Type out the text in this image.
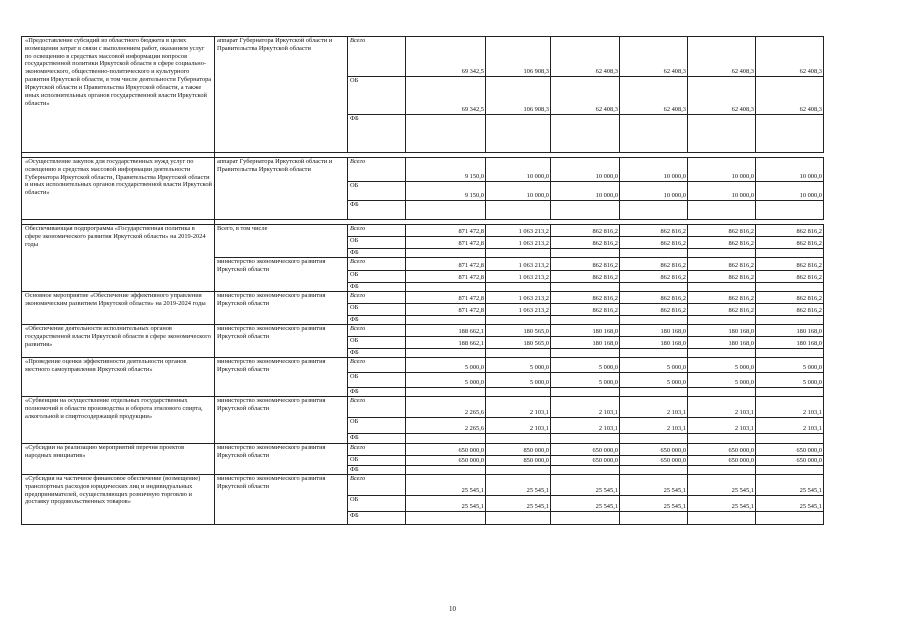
«Предоставление субсидий из областного бюджета в целях возмещения затрат в связи с выполнением работ, оказанием услуг по освещению в средствах массовой информации вопросов государственной политики Иркутской области в сфере социально-экономического, общественно-политического и культурного развития Иркутской области, в том числе деятельности Губернатора Иркутской области и Правительства Иркутской области, а также иных исполнительных органов государственной власти Иркутской области»	аппарат Губернатора Иркутской области и Правительства Иркутской области	Всего	69 342,5	106 908,3	62 408,3	62 408,3	62 408,3	62 408,3
		ОБ	69 342,5	106 908,3	62 408,3	62 408,3	62 408,3	62 408,3
		ФБ						

«Осуществление закупок для государственных нужд услуг по освещению в средствах массовой информации деятельности Губернатора Иркутской области, Правительства Иркутской области и иных исполнительных органов государственной власти Иркутской области»	аппарат Губернатора Иркутской области и Правительства Иркутской области	Всего	9 150,0	10 000,0	10 000,0	10 000,0	10 000,0	10 000,0
		ОБ	9 150,0	10 000,0	10 000,0	10 000,0	10 000,0	10 000,0
		ФБ						

Обеспечивающая подпрограмма «Государственная политика в сфере экономического развития Иркутской области» на 2019-2024 годы	Всего, в том числе	Всего	871 472,8	1 063 213,2	862 816,2	862 816,2	862 816,2	862 816,2
		ОБ	871 472,8	1 063 213,2	862 816,2	862 816,2	862 816,2	862 816,2
		ФБ						
	министерство экономического развития Иркутской области	Всего	871 472,8	1 063 213,2	862 816,2	862 816,2	862 816,2	862 816,2
		ОБ	871 472,8	1 063 213,2	862 816,2	862 816,2	862 816,2	862 816,2
		ФБ						
Основное мероприятие «Обеспечение эффективного управления экономическим развитием Иркутской области» на 2019-2024 годы	министерство экономического развития Иркутской области	Всего	871 472,8	1 063 213,2	862 816,2	862 816,2	862 816,2	862 816,2
		ОБ	871 472,8	1 063 213,2	862 816,2	862 816,2	862 816,2	862 816,2
		ФБ						
«Обеспечение деятельности исполнительных органов государственной власти Иркутской области в сфере экономического развития»	министерство экономического развития Иркутской области	Всего	188 662,1	180 565,0	180 168,0	180 168,0	180 168,0	180 168,0
		ОБ	188 662,1	180 565,0	180 168,0	180 168,0	180 168,0	180 168,0
		ФБ						
«Проведение оценки эффективности деятельности органов местного самоуправления Иркутской области»	министерство экономического развития Иркутской области	Всего	5 000,0	5 000,0	5 000,0	5 000,0	5 000,0	5 000,0
		ОБ	5 000,0	5 000,0	5 000,0	5 000,0	5 000,0	5 000,0
		ФБ						
«Субвенции на осуществление отдельных государственных полномочий в области производства и оборота этилового спирта, алкогольной и спиртосодержащей продукции»	министерство экономического развития Иркутской области	Всего	2 265,6	2 103,1	2 103,1	2 103,1	2 103,1	2 103,1
		ОБ	2 265,6	2 103,1	2 103,1	2 103,1	2 103,1	2 103,1
		ФБ						
«Субсидии на реализацию мероприятий перечня проектов народных инициатив»	министерство экономического развития Иркутской области	Всего	650 000,0	850 000,0	650 000,0	650 000,0	650 000,0	650 000,0
		ОБ	650 000,0	850 000,0	650 000,0	650 000,0	650 000,0	650 000,0
		ФБ						
«Субсидия на частичное финансовое обеспечение (возмещение) транспортных расходов юридических лиц и индивидуальных предпринимателей, осуществляющих розничную торговлю и доставку продовольственных товаров»	министерство экономического развития Иркутской области	Всего	25 545,1	25 545,1	25 545,1	25 545,1	25 545,1	25 545,1
		ОБ	25 545,1	25 545,1	25 545,1	25 545,1	25 545,1	25 545,1
		ФБ						
10
